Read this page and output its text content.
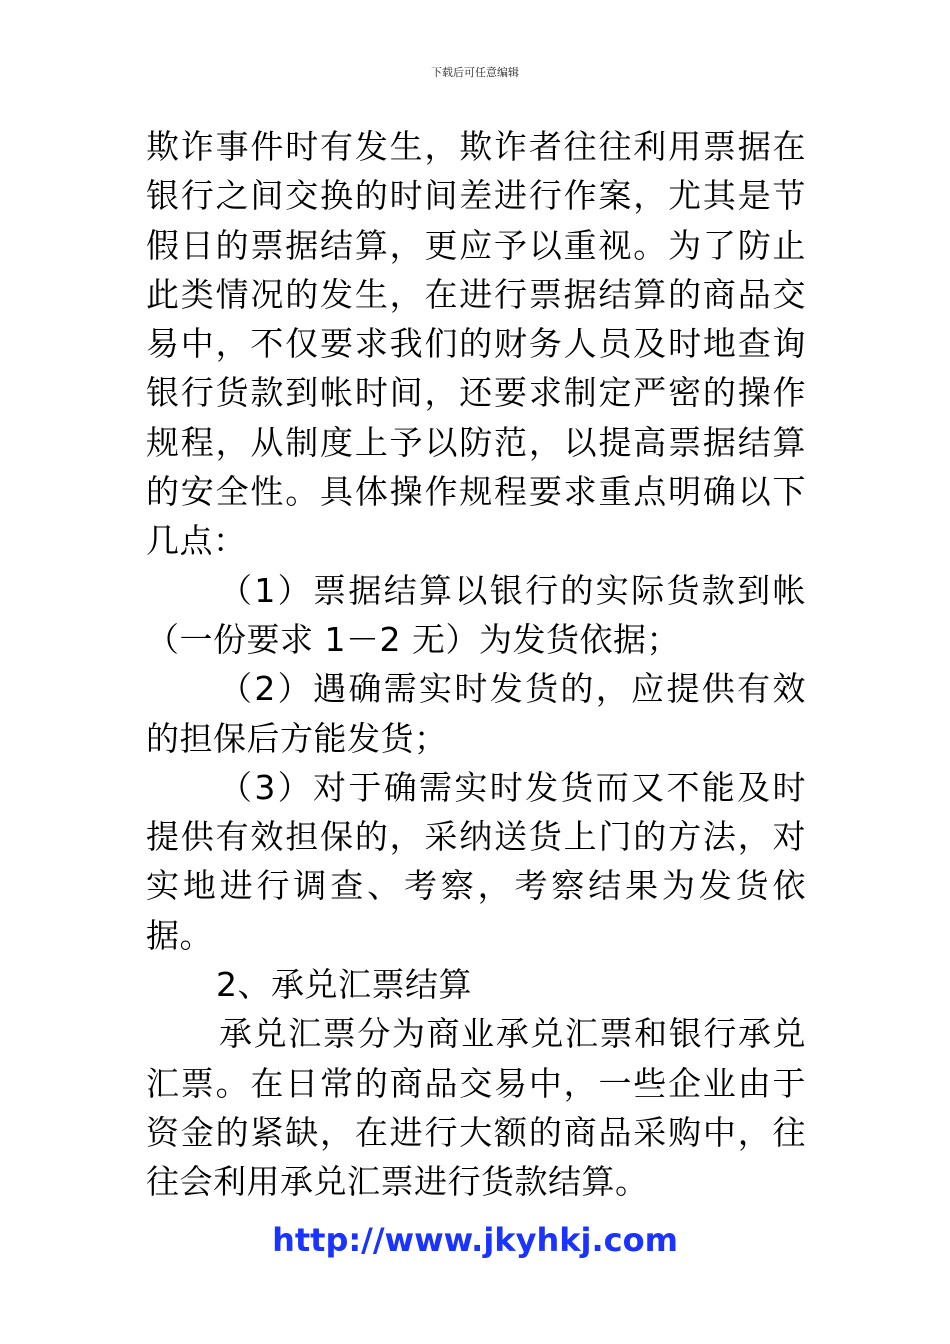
下载后可任意编辑

欺诈事件时有发生，欺诈者往往利用票据在银行之间交换的时间差进行作案，尤其是节假日的票据结算，更应予以重视。为了防止此类情况的发生，在进行票据结算的商品交易中，不仅要求我们的财务人员及时地查询银行货款到帐时间，还要求制定严密的操作规程，从制度上予以防范，以提高票据结算的安全性。具体操作规程要求重点明确以下几点：

（1）票据结算以银行的实际货款到帐（一份要求 1－2 无）为发货依据；

（2）遇确需实时发货的，应提供有效的担保后方能发货；

（3）对于确需实时发货而又不能及时提供有效担保的，采纳送货上门的方法，对实地进行调查、考察，考察结果为发货依据。

2、承兑汇票结算

承兑汇票分为商业承兑汇票和银行承兑汇票。在日常的商品交易中，一些企业由于资金的紧缺，在进行大额的商品采购中，往往会利用承兑汇票进行货款结算。

http://www.jkyhkj.com
